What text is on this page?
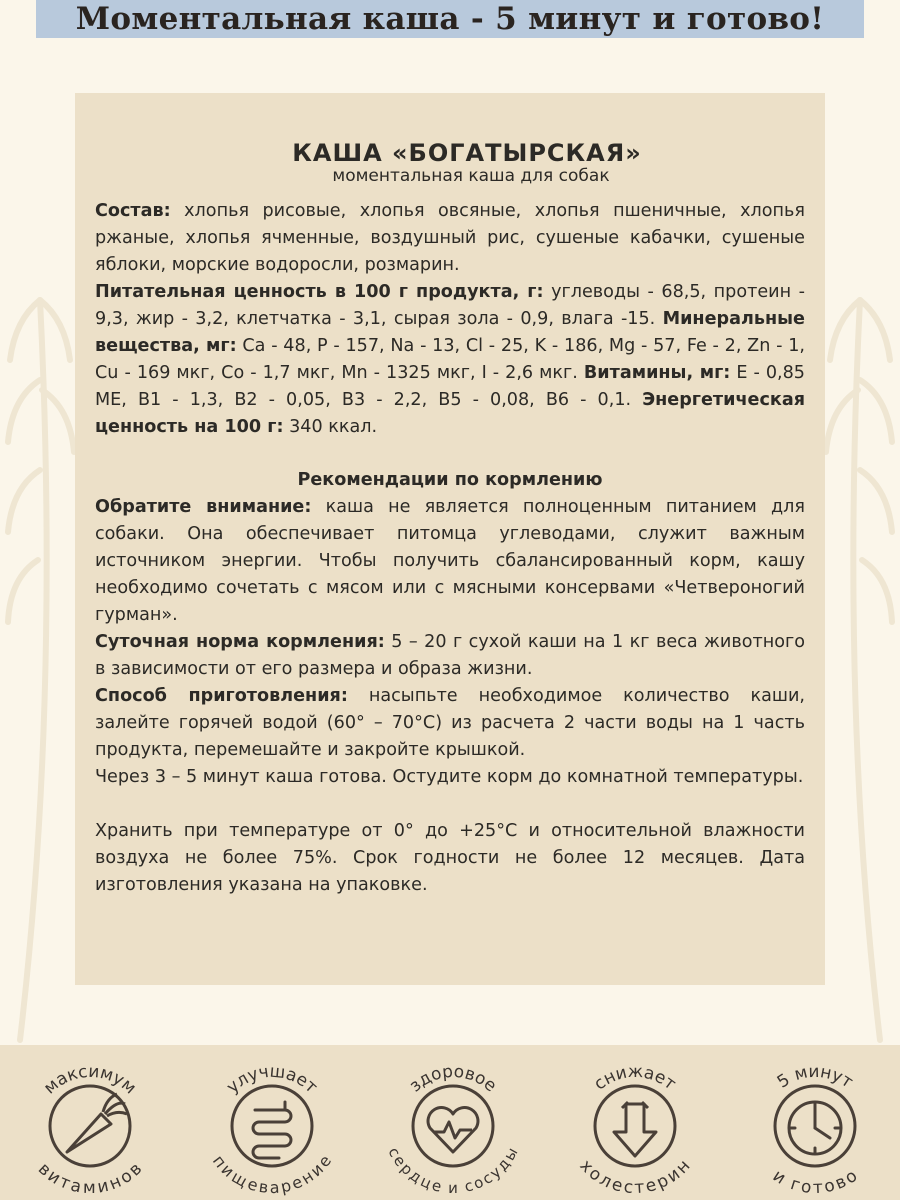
Моментальная каша - 5 минут и готово!
КАША «БОГАТЫРСКАЯ»
моментальная каша для собак

Состав: хлопья рисовые, хлопья овсяные, хлопья пшеничные, хлопья ржаные, хлопья ячменные, воздушный рис, сушеные кабачки, сушеные яблоки, морские водоросли, розмарин.

Питательная ценность в 100 г продукта, г: углеводы - 68,5, протеин - 9,3, жир - 3,2, клетчатка - 3,1, сырая зола - 0,9, влага -15. Минеральные вещества, мг: Ca - 48, P - 157, Na - 13, Cl - 25, K - 186, Mg - 57, Fe - 2, Zn - 1, Cu - 169 мкг, Co - 1,7 мкг, Mn - 1325 мкг, I - 2,6 мкг. Витамины, мг: E - 0,85 МЕ, B1 - 1,3, B2 - 0,05, B3 - 2,2, B5 - 0,08, B6 - 0,1. Энергетическая ценность на 100 г: 340 ккал.

Рекомендации по кормлению

Обратите внимание: каша не является полноценным питанием для собаки. Она обеспечивает питомца углеводами, служит важным источником энергии. Чтобы получить сбалансированный корм, кашу необходимо сочетать с мясом или с мясными консервами «Четвероногий гурман».

Суточная норма кормления: 5 – 20 г сухой каши на 1 кг веса животного в зависимости от его размера и образа жизни.

Способ приготовления: насыпьте необходимое количество каши, залейте горячей водой (60° – 70°С) из расчета 2 части воды на 1 часть продукта, перемешайте и закройте крышкой.

Через 3 – 5 минут каша готова. Остудите корм до комнатной температуры.

Хранить при температуре от 0° до +25°С и относительной влажности воздуха не более 75%. Срок годности не более 12 месяцев. Дата изготовления указана на упаковке.

максимум
витаминов
улучшает
пищеварение
здоровое
сердце и сосуды
снижает
холестерин
5 минут
и готово
